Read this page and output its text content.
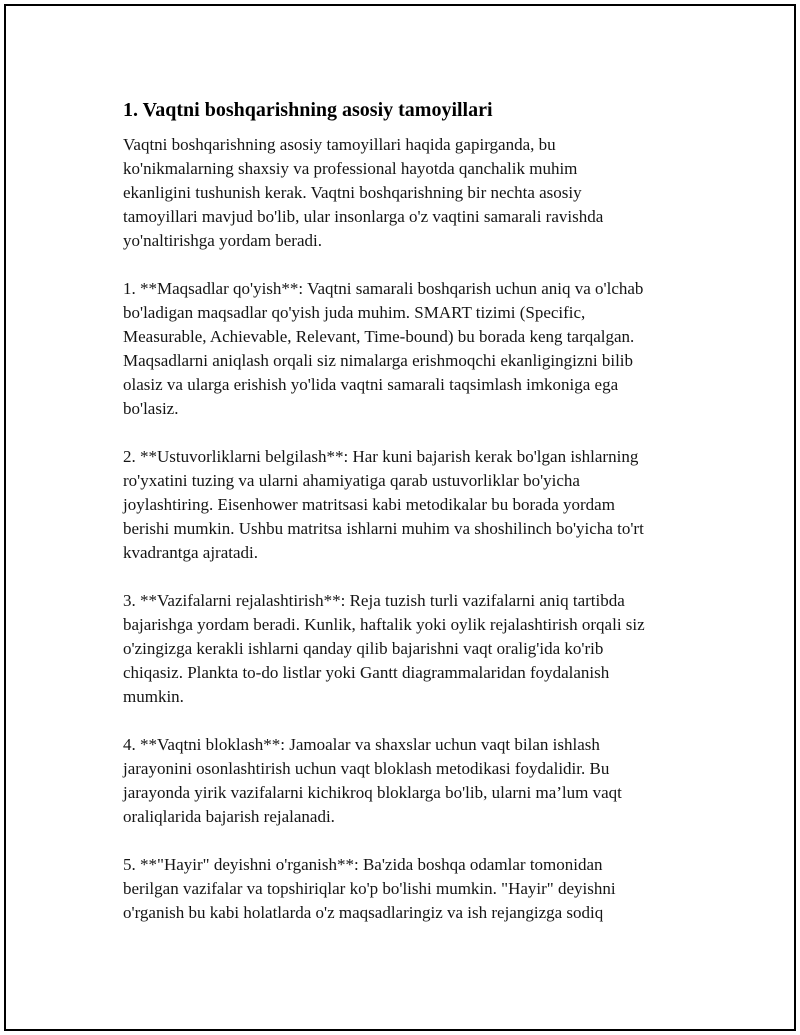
1. Vaqtni boshqarishning asosiy tamoyillari
Vaqtni boshqarishning asosiy tamoyillari haqida gapirganda, bu
ko'nikmalarning shaxsiy va professional hayotda qanchalik muhim
ekanligini tushunish kerak. Vaqtni boshqarishning bir nechta asosiy
tamoyillari mavjud bo'lib, ular insonlarga o'z vaqtini samarali ravishda
yo'naltirishga yordam beradi.
1. **Maqsadlar qo'yish**: Vaqtni samarali boshqarish uchun aniq va o'lchab
bo'ladigan maqsadlar qo'yish juda muhim. SMART tizimi (Specific,
Measurable, Achievable, Relevant, Time-bound) bu borada keng tarqalgan.
Maqsadlarni aniqlash orqali siz nimalarga erishmoqchi ekanligingizni bilib
olasiz va ularga erishish yo'lida vaqtni samarali taqsimlash imkoniga ega
bo'lasiz.
2. **Ustuvorliklarni belgilash**: Har kuni bajarish kerak bo'lgan ishlarning
ro'yxatini tuzing va ularni ahamiyatiga qarab ustuvorliklar bo'yicha
joylashtiring. Eisenhower matritsasi kabi metodikalar bu borada yordam
berishi mumkin. Ushbu matritsa ishlarni muhim va shoshilinch bo'yicha to'rt
kvadrantga ajratadi.
3. **Vazifalarni rejalashtirish**: Reja tuzish turli vazifalarni aniq tartibda
bajarishga yordam beradi. Kunlik, haftalik yoki oylik rejalashtirish orqali siz
o'zingizga kerakli ishlarni qanday qilib bajarishni vaqt oralig'ida ko'rib
chiqasiz. Plankta to-do listlar yoki Gantt diagrammalaridan foydalanish
mumkin.
4. **Vaqtni bloklash**: Jamoalar va shaxslar uchun vaqt bilan ishlash
jarayonini osonlashtirish uchun vaqt bloklash metodikasi foydalidir. Bu
jarayonda yirik vazifalarni kichikroq bloklarga bo'lib, ularni ma’lum vaqt
oraliqlarida bajarish rejalanadi.
5. **"Hayir" deyishni o'rganish**: Ba'zida boshqa odamlar tomonidan
berilgan vazifalar va topshiriqlar ko'p bo'lishi mumkin. "Hayir" deyishni
o'rganish bu kabi holatlarda o'z maqsadlaringiz va ish rejangizga sodiq
